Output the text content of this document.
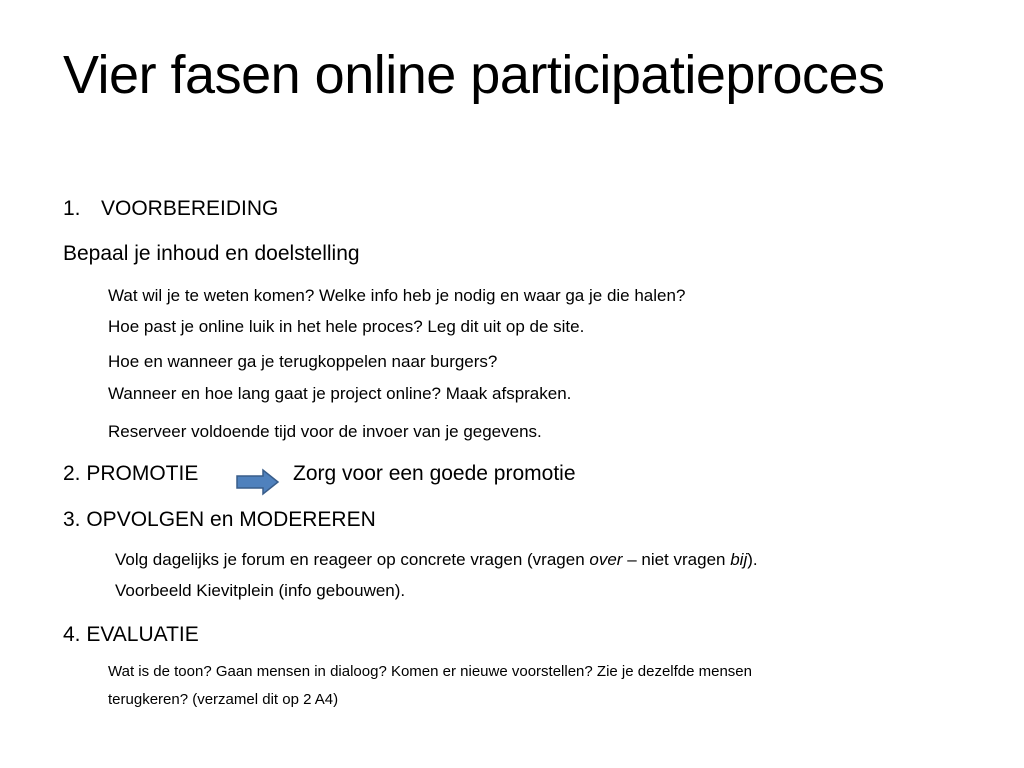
Vier fasen online participatieproces
1. VOORBEREIDING
Bepaal je inhoud en doelstelling
Wat wil je te weten komen? Welke info heb je nodig en waar ga je die halen?
Hoe past je online luik in het hele proces? Leg dit uit op de site.
Hoe en wanneer ga je terugkoppelen naar burgers?
Wanneer en hoe lang gaat je project online? Maak afspraken.
Reserveer voldoende tijd voor de invoer van je gegevens.
2. PROMOTIE	Zorg voor een goede promotie
3. OPVOLGEN en MODEREREN
Volg dagelijks je forum en reageer op concrete vragen (vragen over – niet vragen bij).
Voorbeeld Kievitplein (info gebouwen).
4. EVALUATIE
Wat is de toon? Gaan mensen in dialoog? Komen er nieuwe voorstellen? Zie je dezelfde mensen
terugkeren? (verzamel dit op 2 A4)
